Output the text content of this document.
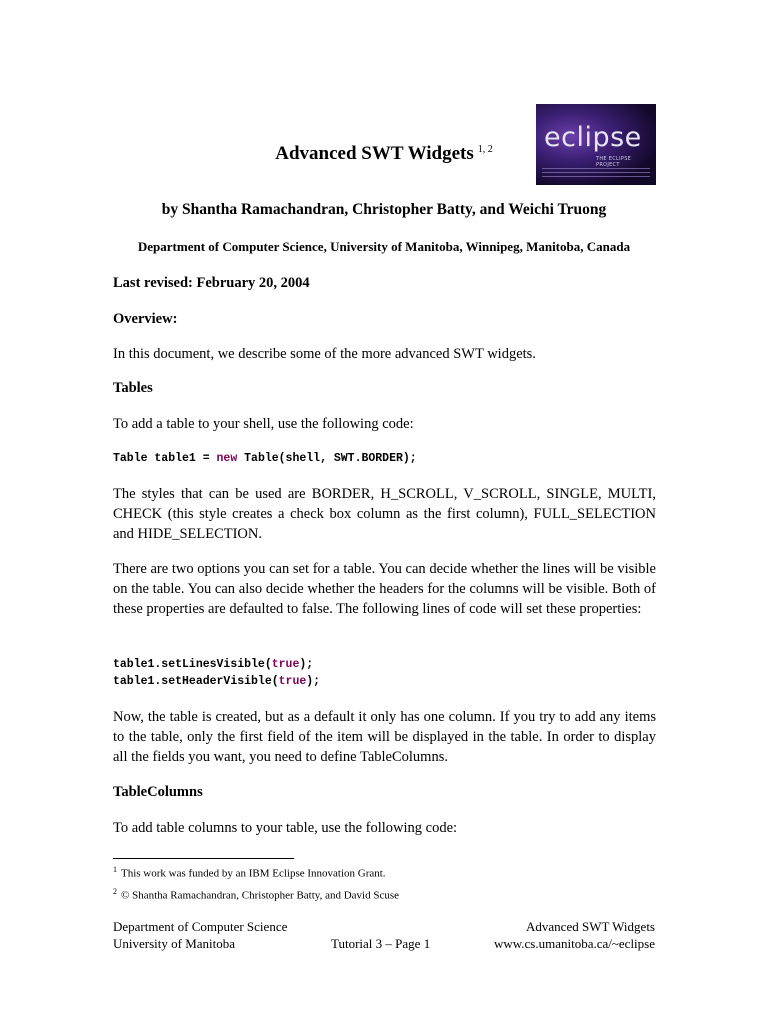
eclipse
THE ECLIPSE PROJECT
Advanced SWT Widgets $^{1, 2}$
by Shantha Ramachandran, Christopher Batty, and Weichi Truong
Department of Computer Science, University of Manitoba, Winnipeg, Manitoba, Canada
Last revised: February 20, 2004
Overview:
In this document, we describe some of the more advanced SWT widgets.
Tables
To add a table to your shell, use the following code:
Table table1 = new Table(shell, SWT.BORDER);
The styles that can be used are BORDER, H_SCROLL, V_SCROLL, SINGLE, MULTI, CHECK (this style creates a check box column as the first column), FULL_SELECTION and HIDE_SELECTION.
There are two options you can set for a table. You can decide whether the lines will be visible on the table. You can also decide whether the headers for the columns will be visible. Both of these properties are defaulted to false. The following lines of code will set these properties:
table1.setLinesVisible(true);
table1.setHeaderVisible(true);
Now, the table is created, but as a default it only has one column. If you try to add any items to the table, only the first field of the item will be displayed in the table. In order to display all the fields you want, you need to define TableColumns.
TableColumns
To add table columns to your table, use the following code:
$^1$ This work was funded by an IBM Eclipse Innovation Grant.
$^2$ © Shantha Ramachandran, Christopher Batty, and David Scuse
Department of Computer Science
University of Manitoba	Tutorial 3 – Page 1
Advanced SWT Widgets
www.cs.umanitoba.ca/~eclipse
